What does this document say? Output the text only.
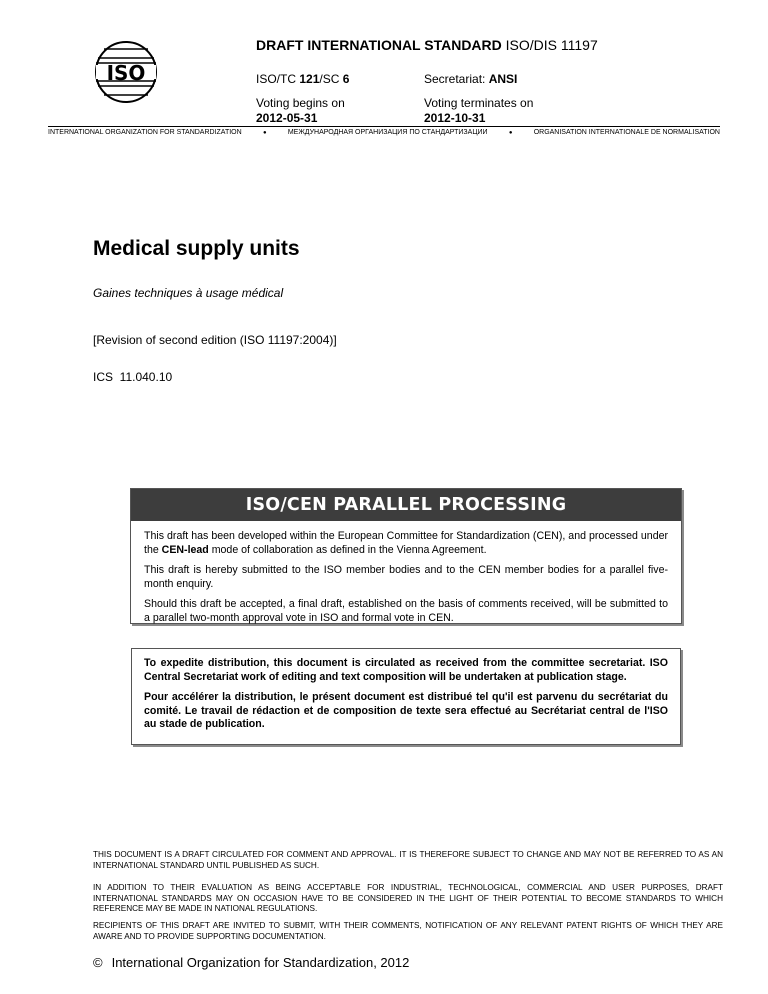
ISO
DRAFT INTERNATIONAL STANDARD ISO/DIS 11197
ISO/TC 121/SC 6	Secretariat: ANSI
Voting begins on
2012-05-31
Voting terminates on
2012-10-31
INTERNATIONAL ORGANIZATION FOR STANDARDIZATION	●	МЕЖДУНАРОДНАЯ ОРГАНИЗАЦИЯ ПО СТАНДАРТИЗАЦИИ	●	ORGANISATION INTERNATIONALE DE NORMALISATION
Medical supply units
Gaines techniques à usage médical
[Revision of second edition (ISO 11197:2004)]
ICS  11.040.10
ISO/CEN PARALLEL PROCESSING

This draft has been developed within the European Committee for Standardization (CEN), and processed under the CEN-lead mode of collaboration as defined in the Vienna Agreement.

This draft is hereby submitted to the ISO member bodies and to the CEN member bodies for a parallel five-month enquiry.

Should this draft be accepted, a final draft, established on the basis of comments received, will be submitted to a parallel two-month approval vote in ISO and formal vote in CEN.

To expedite distribution, this document is circulated as received from the committee secretariat. ISO Central Secretariat work of editing and text composition will be undertaken at publication stage.

Pour accélérer la distribution, le présent document est distribué tel qu'il est parvenu du secrétariat du comité. Le travail de rédaction et de composition de texte sera effectué au Secrétariat central de l'ISO au stade de publication.

THIS DOCUMENT IS A DRAFT CIRCULATED FOR COMMENT AND APPROVAL. IT IS THEREFORE SUBJECT TO CHANGE AND MAY NOT BE REFERRED TO AS AN INTERNATIONAL STANDARD UNTIL PUBLISHED AS SUCH.
IN ADDITION TO THEIR EVALUATION AS BEING ACCEPTABLE FOR INDUSTRIAL, TECHNOLOGICAL, COMMERCIAL AND USER PURPOSES, DRAFT INTERNATIONAL STANDARDS MAY ON OCCASION HAVE TO BE CONSIDERED IN THE LIGHT OF THEIR POTENTIAL TO BECOME STANDARDS TO WHICH REFERENCE MAY BE MADE IN NATIONAL REGULATIONS.
RECIPIENTS OF THIS DRAFT ARE INVITED TO SUBMIT, WITH THEIR COMMENTS, NOTIFICATION OF ANY RELEVANT PATENT RIGHTS OF WHICH THEY ARE AWARE AND TO PROVIDE SUPPORTING DOCUMENTATION.
© International Organization for Standardization, 2012
